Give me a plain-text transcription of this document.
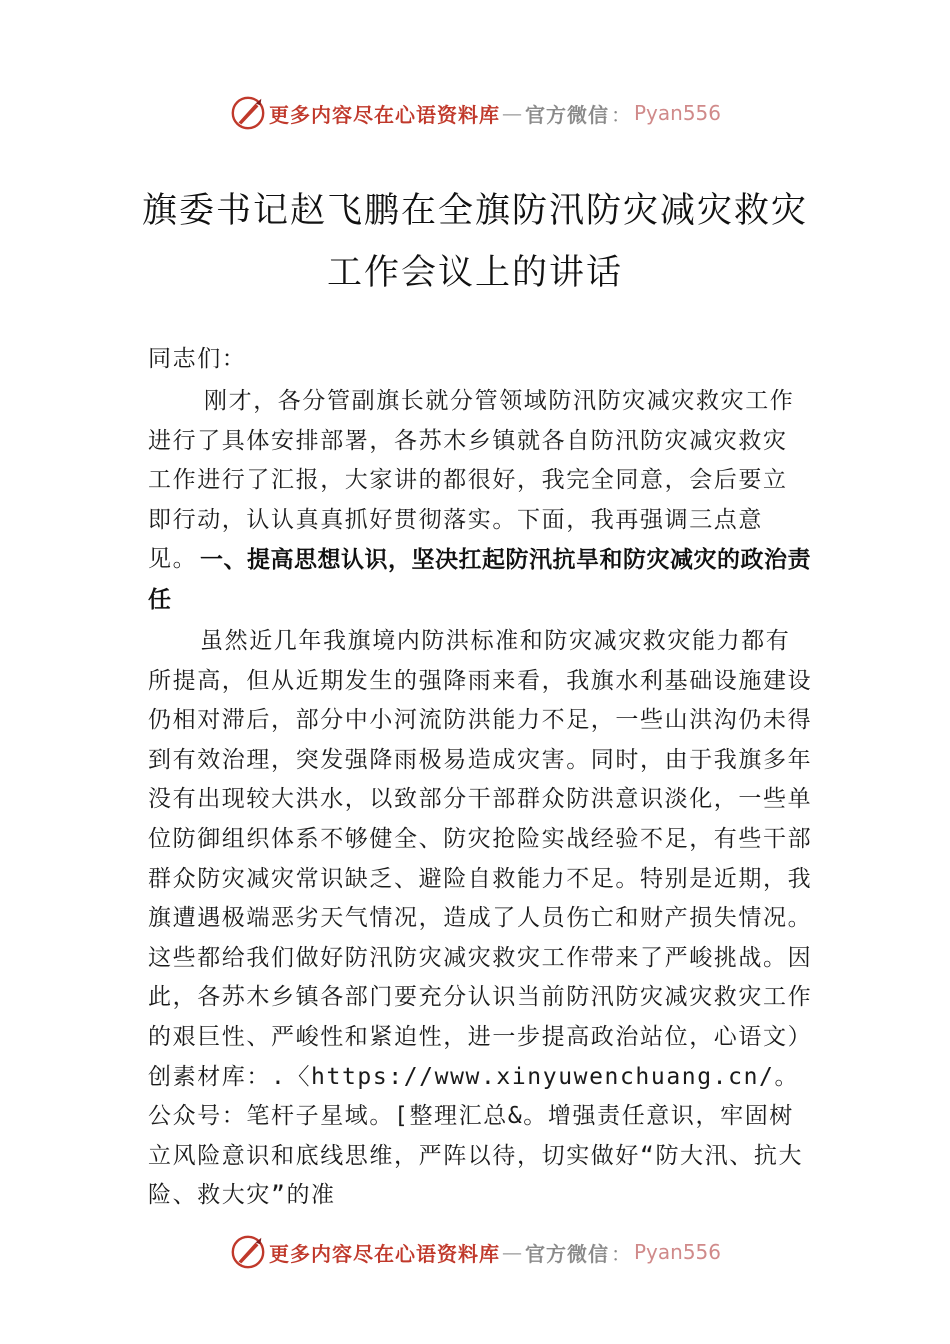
更多内容尽在心语资料库 — 官方微信 ： Pyan556
旗委书记赵飞鹏在全旗防汛防灾减灾救灾
工作会议上的讲话
同志们：
刚才，各分管副旗长就分管领域防汛防灾减灾救灾工作进行了具体安排部署，各苏木乡镇就各自防汛防灾减灾救灾工作进行了汇报，大家讲的都很好，我完全同意，会后要立即行动，认认真真抓好贯彻落实。下面，我再强调三点意见。 一、提高思想认识，坚决扛起防汛抗旱和防灾减灾的政治责任
虽然近几年我旗境内防洪标准和防灾减灾救灾能力都有所提高，但从近期发生的强降雨来看，我旗水利基础设施建设仍相对滞后，部分中小河流防洪能力不足，一些山洪沟仍未得到有效治理，突发强降雨极易造成灾害。同时，由于我旗多年没有出现较大洪水，以致部分干部群众防洪意识淡化，一些单位防御组织体系不够健全、防灾抢险实战经验不足，有些干部群众防灾减灾常识缺乏、避险自救能力不足。特别是近期，我旗遭遇极端恶劣天气情况，造成了人员伤亡和财产损失情况。这些都给我们做好防汛防灾减灾救灾工作带来了严峻挑战。因此，各苏木乡镇各部门要充分认识当前防汛防灾减灾救灾工作的艰巨性、严峻性和紧迫性，进一步提高政治站位，心语文）创素材库：.〈https://www.xinyuwenchuang.cn/。公众号：笔杆子星域。[整理汇总&。增强责任意识，牢固树立风险意识和底线思维，严阵以待，切实做好“防大汛、抗大险、救大灾”的准
更多内容尽在心语资料库 — 官方微信 ： Pyan556
